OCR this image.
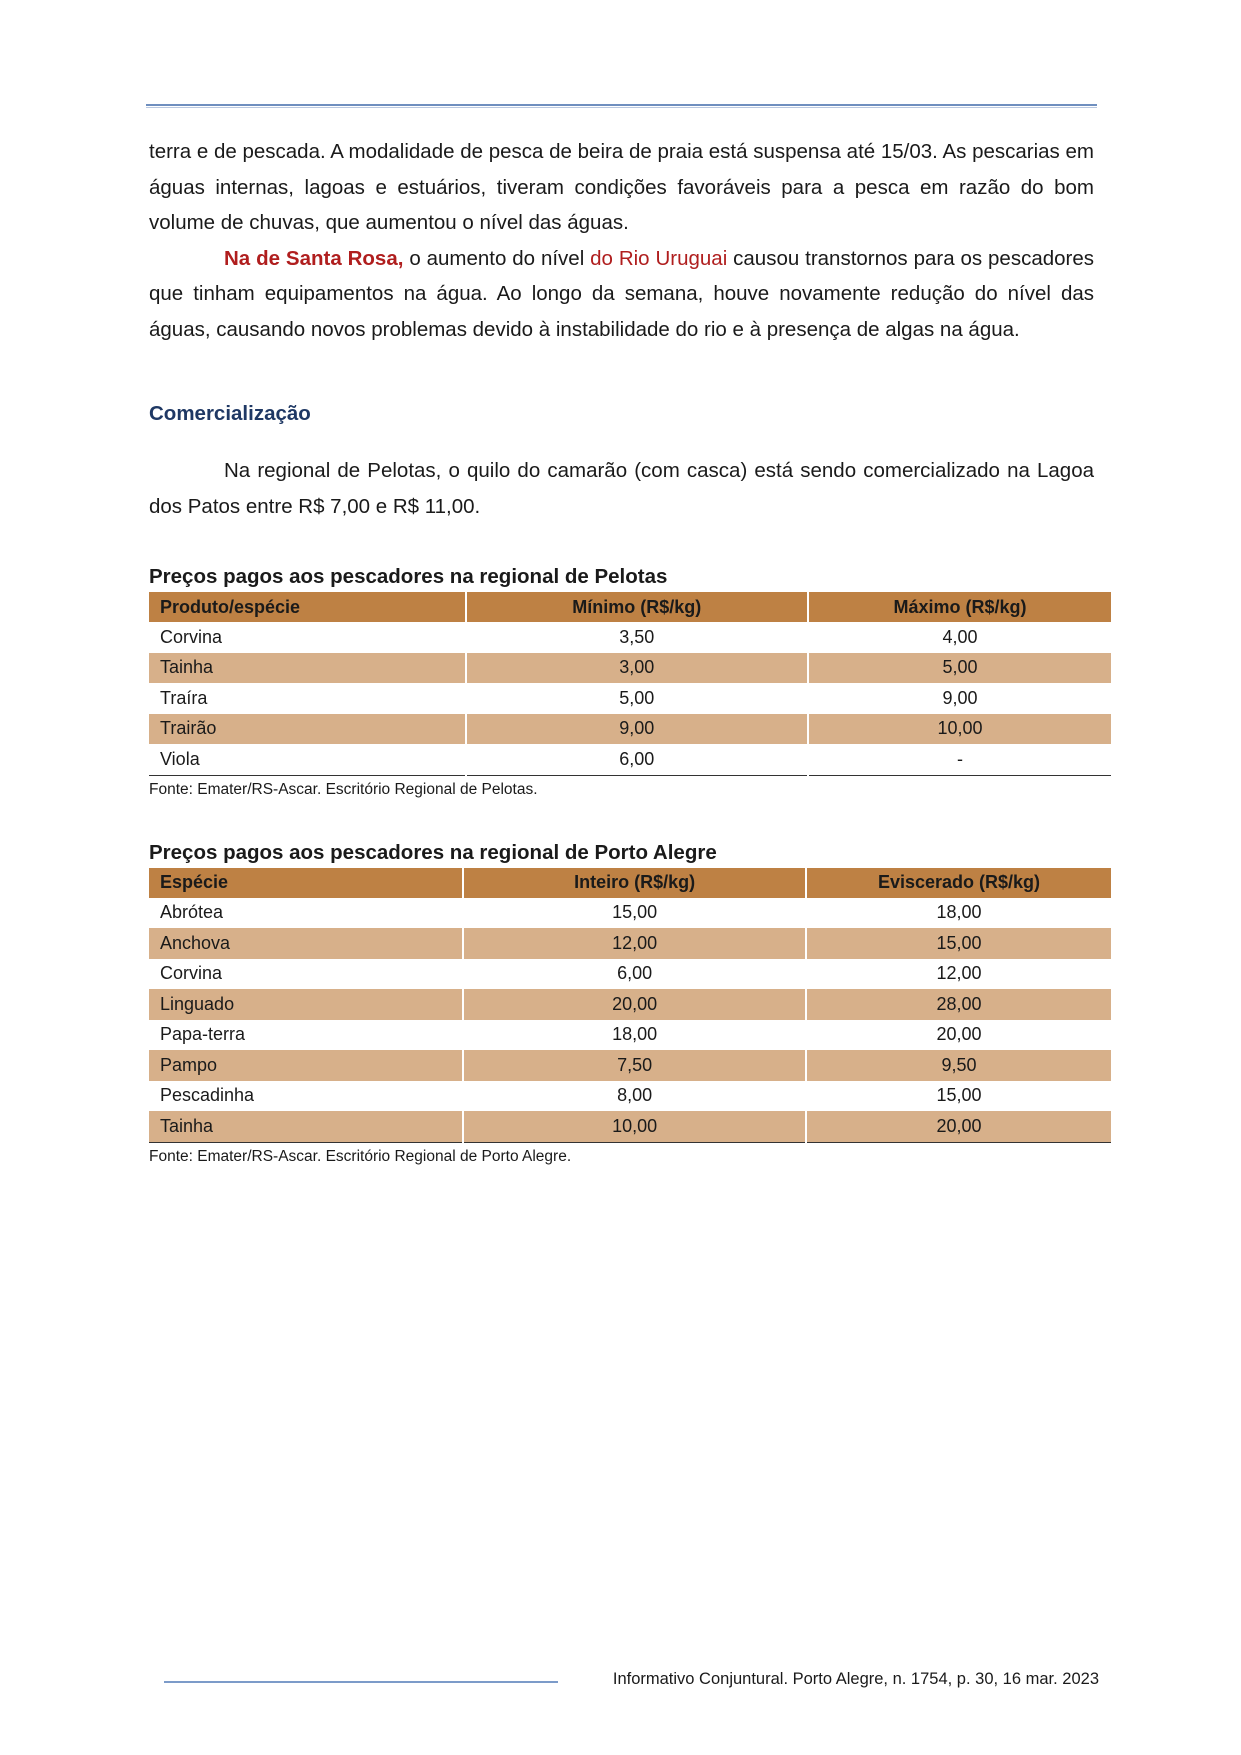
terra e de pescada. A modalidade de pesca de beira de praia está suspensa até 15/03. As pescarias em águas internas, lagoas e estuários, tiveram condições favoráveis para a pesca em razão do bom volume de chuvas, que aumentou o nível das águas.

Na de Santa Rosa, o aumento do nível do Rio Uruguai causou transtornos para os pescadores que tinham equipamentos na água. Ao longo da semana, houve novamente redução do nível das águas, causando novos problemas devido à instabilidade do rio e à presença de algas na água.

Comercialização

Na regional de Pelotas, o quilo do camarão (com casca) está sendo comercializado na Lagoa dos Patos entre R$ 7,00 e R$ 11,00.

Preços pagos aos pescadores na regional de Pelotas

Produto/espécie	Mínimo (R$/kg)	Máximo (R$/kg)
Corvina	3,50	4,00
Tainha	3,00	5,00
Traíra	5,00	9,00
Trairão	9,00	10,00
Viola	6,00	-

Fonte: Emater/RS-Ascar. Escritório Regional de Pelotas.

Preços pagos aos pescadores na regional de Porto Alegre

Espécie	Inteiro (R$/kg)	Eviscerado (R$/kg)
Abrótea	15,00	18,00
Anchova	12,00	15,00
Corvina	6,00	12,00
Linguado	20,00	28,00
Papa-terra	18,00	20,00
Pampo	7,50	9,50
Pescadinha	8,00	15,00
Tainha	10,00	20,00

Fonte: Emater/RS-Ascar. Escritório Regional de Porto Alegre.

Informativo Conjuntural. Porto Alegre, n. 1754, p. 30, 16 mar. 2023
